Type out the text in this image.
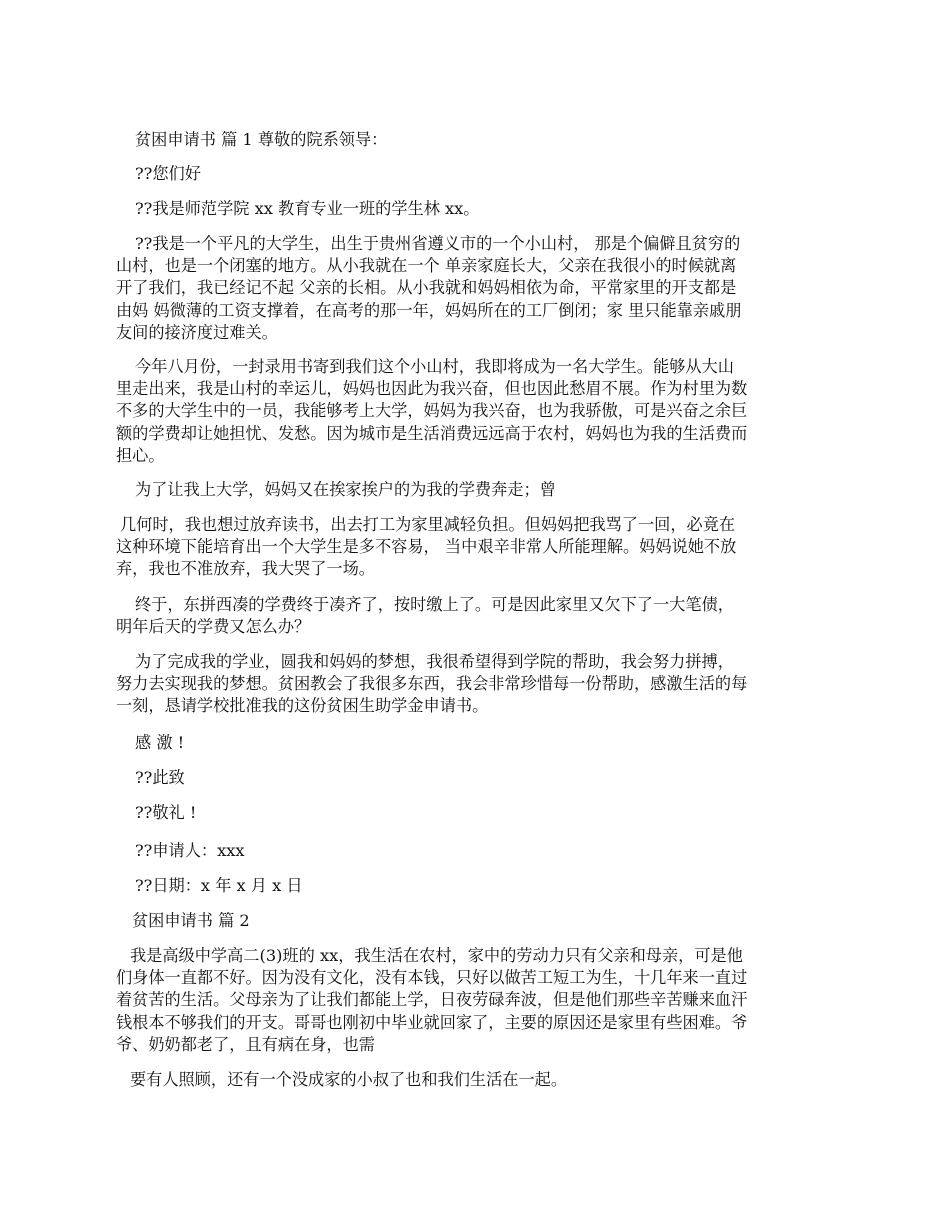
贫困申请书 篇 1 尊敬的院系领导：

??您们好

??我是师范学院 xx 教育专业一班的学生林 xx。

??我是一个平凡的大学生，出生于贵州省遵义市的一个小山村， 那是个偏僻且贫穷的
山村，也是一个闭塞的地方。从小我就在一个 单亲家庭长大，父亲在我很小的时候就离
开了我们，我已经记不起 父亲的长相。从小我就和妈妈相依为命，平常家里的开支都是
由妈 妈微薄的工资支撑着，在高考的那一年，妈妈所在的工厂倒闭；家 里只能靠亲戚朋
友间的接济度过难关。

今年八月份，一封录用书寄到我们这个小山村，我即将成为一名大学生。能够从大山
里走出来，我是山村的幸运儿，妈妈也因此为我兴奋，但也因此愁眉不展。作为村里为数
不多的大学生中的一员，我能够考上大学，妈妈为我兴奋，也为我骄傲，可是兴奋之余巨
额的学费却让她担忧、发愁。因为城市是生活消费远远高于农村，妈妈也为我的生活费而
担心。

为了让我上大学，妈妈又在挨家挨户的为我的学费奔走；曾

几何时，我也想过放弃读书，出去打工为家里减轻负担。但妈妈把我骂了一回，必竟在
这种环境下能培育出一个大学生是多不容易， 当中艰辛非常人所能理解。妈妈说她不放
弃，我也不准放弃，我大哭了一场。

终于，东拼西凑的学费终于凑齐了，按时缴上了。可是因此家里又欠下了一大笔债，
明年后天的学费又怎么办？

为了完成我的学业，圆我和妈妈的梦想，我很希望得到学院的帮助，我会努力拼搏，
努力去实现我的梦想。贫困教会了我很多东西，我会非常珍惜每一份帮助，感激生活的每
一刻，恳请学校批准我的这份贫困生助学金申请书。

感 激 !

??此致

??敬礼 !

??申请人：xxx

??日期：x 年 x 月 x 日

贫困申请书 篇 2

我是高级中学高二(3)班的 xx，我生活在农村，家中的劳动力只有父亲和母亲，可是他
们身体一直都不好。因为没有文化，没有本钱，只好以做苦工短工为生，十几年来一直过
着贫苦的生活。父母亲为了让我们都能上学，日夜劳碌奔波，但是他们那些辛苦赚来血汗
钱根本不够我们的开支。哥哥也刚初中毕业就回家了，主要的原因还是家里有些困难。爷
爷、奶奶都老了，且有病在身，也需

要有人照顾，还有一个没成家的小叔了也和我们生活在一起。
